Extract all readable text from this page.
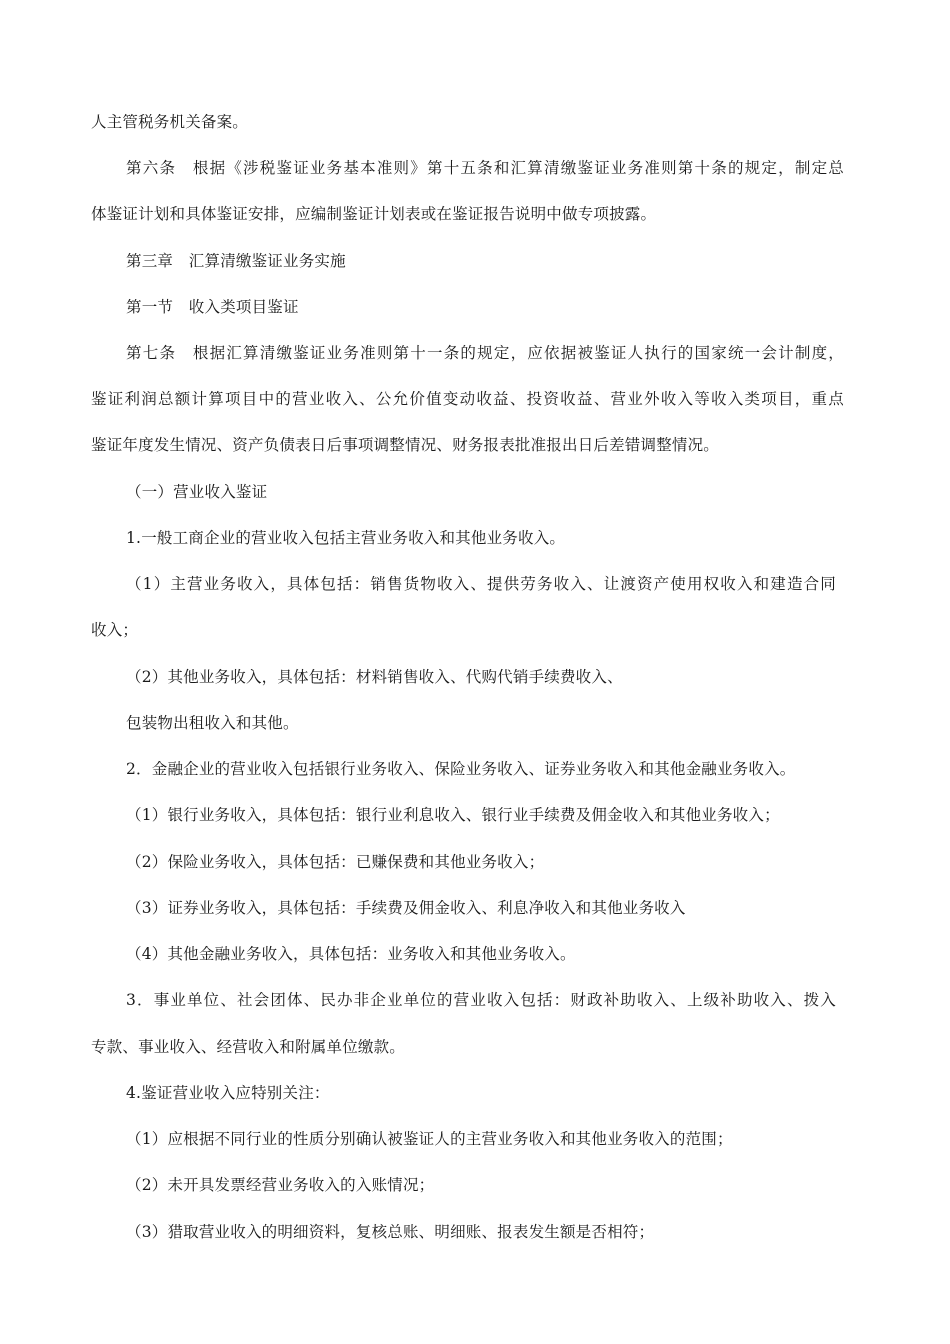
人主管税务机关备案。
第六条　根据《涉税鉴证业务基本准则》第十五条和汇算清缴鉴证业务准则第十条的规定，制定总
体鉴证计划和具体鉴证安排，应编制鉴证计划表或在鉴证报告说明中做专项披露。
第三章　汇算清缴鉴证业务实施
第一节　收入类项目鉴证
第七条　根据汇算清缴鉴证业务准则第十一条的规定，应依据被鉴证人执行的国家统一会计制度，
鉴证利润总额计算项目中的营业收入、公允价值变动收益、投资收益、营业外收入等收入类项目，重点
鉴证年度发生情况、资产负债表日后事项调整情况、财务报表批准报出日后差错调整情况。
（一）营业收入鉴证
1.一般工商企业的营业收入包括主营业务收入和其他业务收入。
（1）主营业务收入，具体包括：销售货物收入、提供劳务收入、让渡资产使用权收入和建造合同
收入；
（2）其他业务收入，具体包括：材料销售收入、代购代销手续费收入、
包装物出租收入和其他。
2．金融企业的营业收入包括银行业务收入、保险业务收入、证券业务收入和其他金融业务收入。
（1）银行业务收入，具体包括：银行业利息收入、银行业手续费及佣金收入和其他业务收入；
（2）保险业务收入，具体包括：已赚保费和其他业务收入；
（3）证券业务收入，具体包括：手续费及佣金收入、利息净收入和其他业务收入
（4）其他金融业务收入，具体包括：业务收入和其他业务收入。
3．事业单位、社会团体、民办非企业单位的营业收入包括：财政补助收入、上级补助收入、拨入
专款、事业收入、经营收入和附属单位缴款。
4.鉴证营业收入应特别关注：
（1）应根据不同行业的性质分别确认被鉴证人的主营业务收入和其他业务收入的范围；
（2）未开具发票经营业务收入的入账情况；
（3）猎取营业收入的明细资料，复核总账、明细账、报表发生额是否相符；
